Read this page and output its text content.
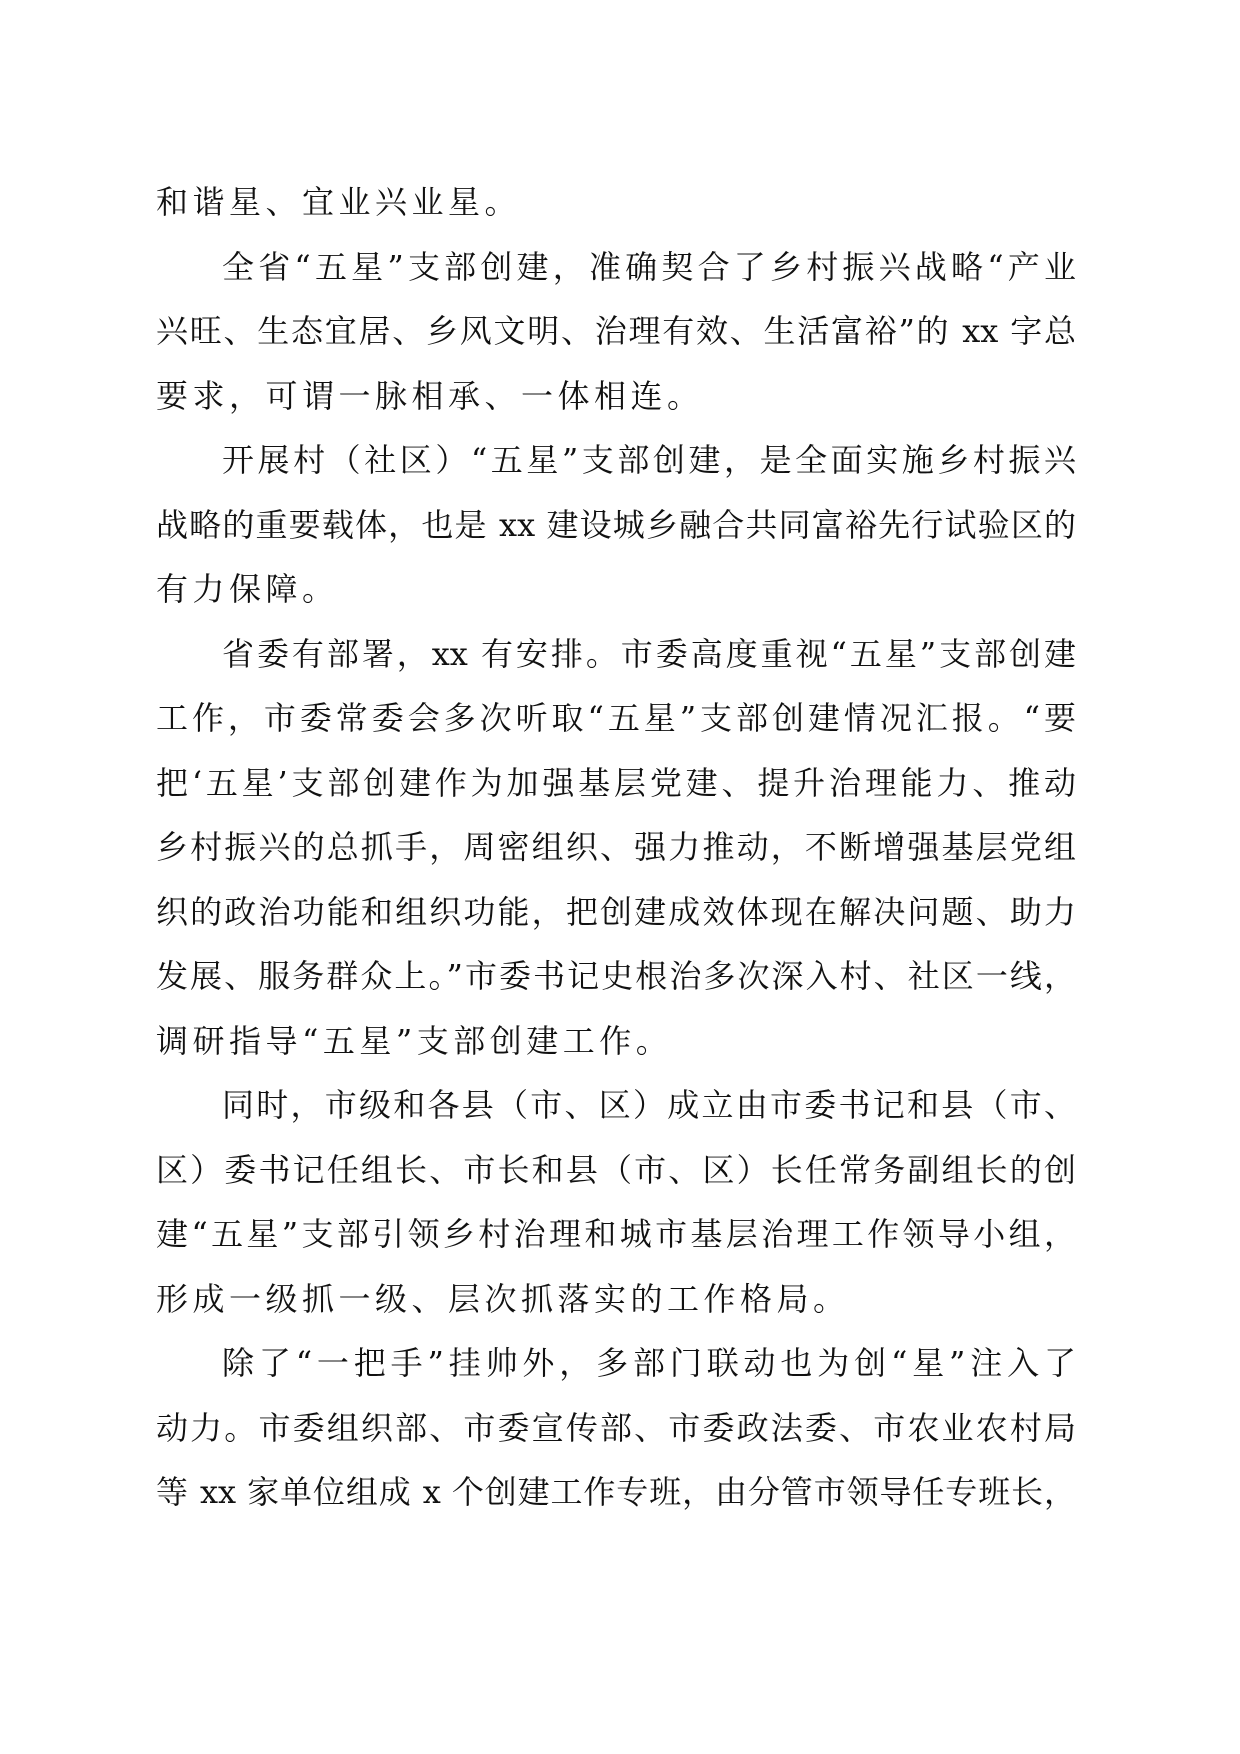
和谐星、宜业兴业星。
全省“五星”支部创建，准确契合了乡村振兴战略“产业
兴旺、生态宜居、乡风文明、治理有效、生活富裕”的 xx 字总
要求，可谓一脉相承、一体相连。
开展村（社区）“五星”支部创建，是全面实施乡村振兴
战略的重要载体，也是 xx 建设城乡融合共同富裕先行试验区的
有力保障。
省委有部署，xx 有安排。市委高度重视“五星”支部创建
工作，市委常委会多次听取“五星”支部创建情况汇报。“要
把‘五星’支部创建作为加强基层党建、提升治理能力、推动
乡村振兴的总抓手，周密组织、强力推动，不断增强基层党组
织的政治功能和组织功能，把创建成效体现在解决问题、助力
发展、服务群众上。”市委书记史根治多次深入村、社区一线，
调研指导“五星”支部创建工作。
同时，市级和各县（市、区）成立由市委书记和县（市、
区）委书记任组长、市长和县（市、区）长任常务副组长的创
建“五星”支部引领乡村治理和城市基层治理工作领导小组，
形成一级抓一级、层次抓落实的工作格局。
除了“一把手”挂帅外，多部门联动也为创“星”注入了
动力。市委组织部、市委宣传部、市委政法委、市农业农村局
等 xx 家单位组成 x 个创建工作专班，由分管市领导任专班长，
